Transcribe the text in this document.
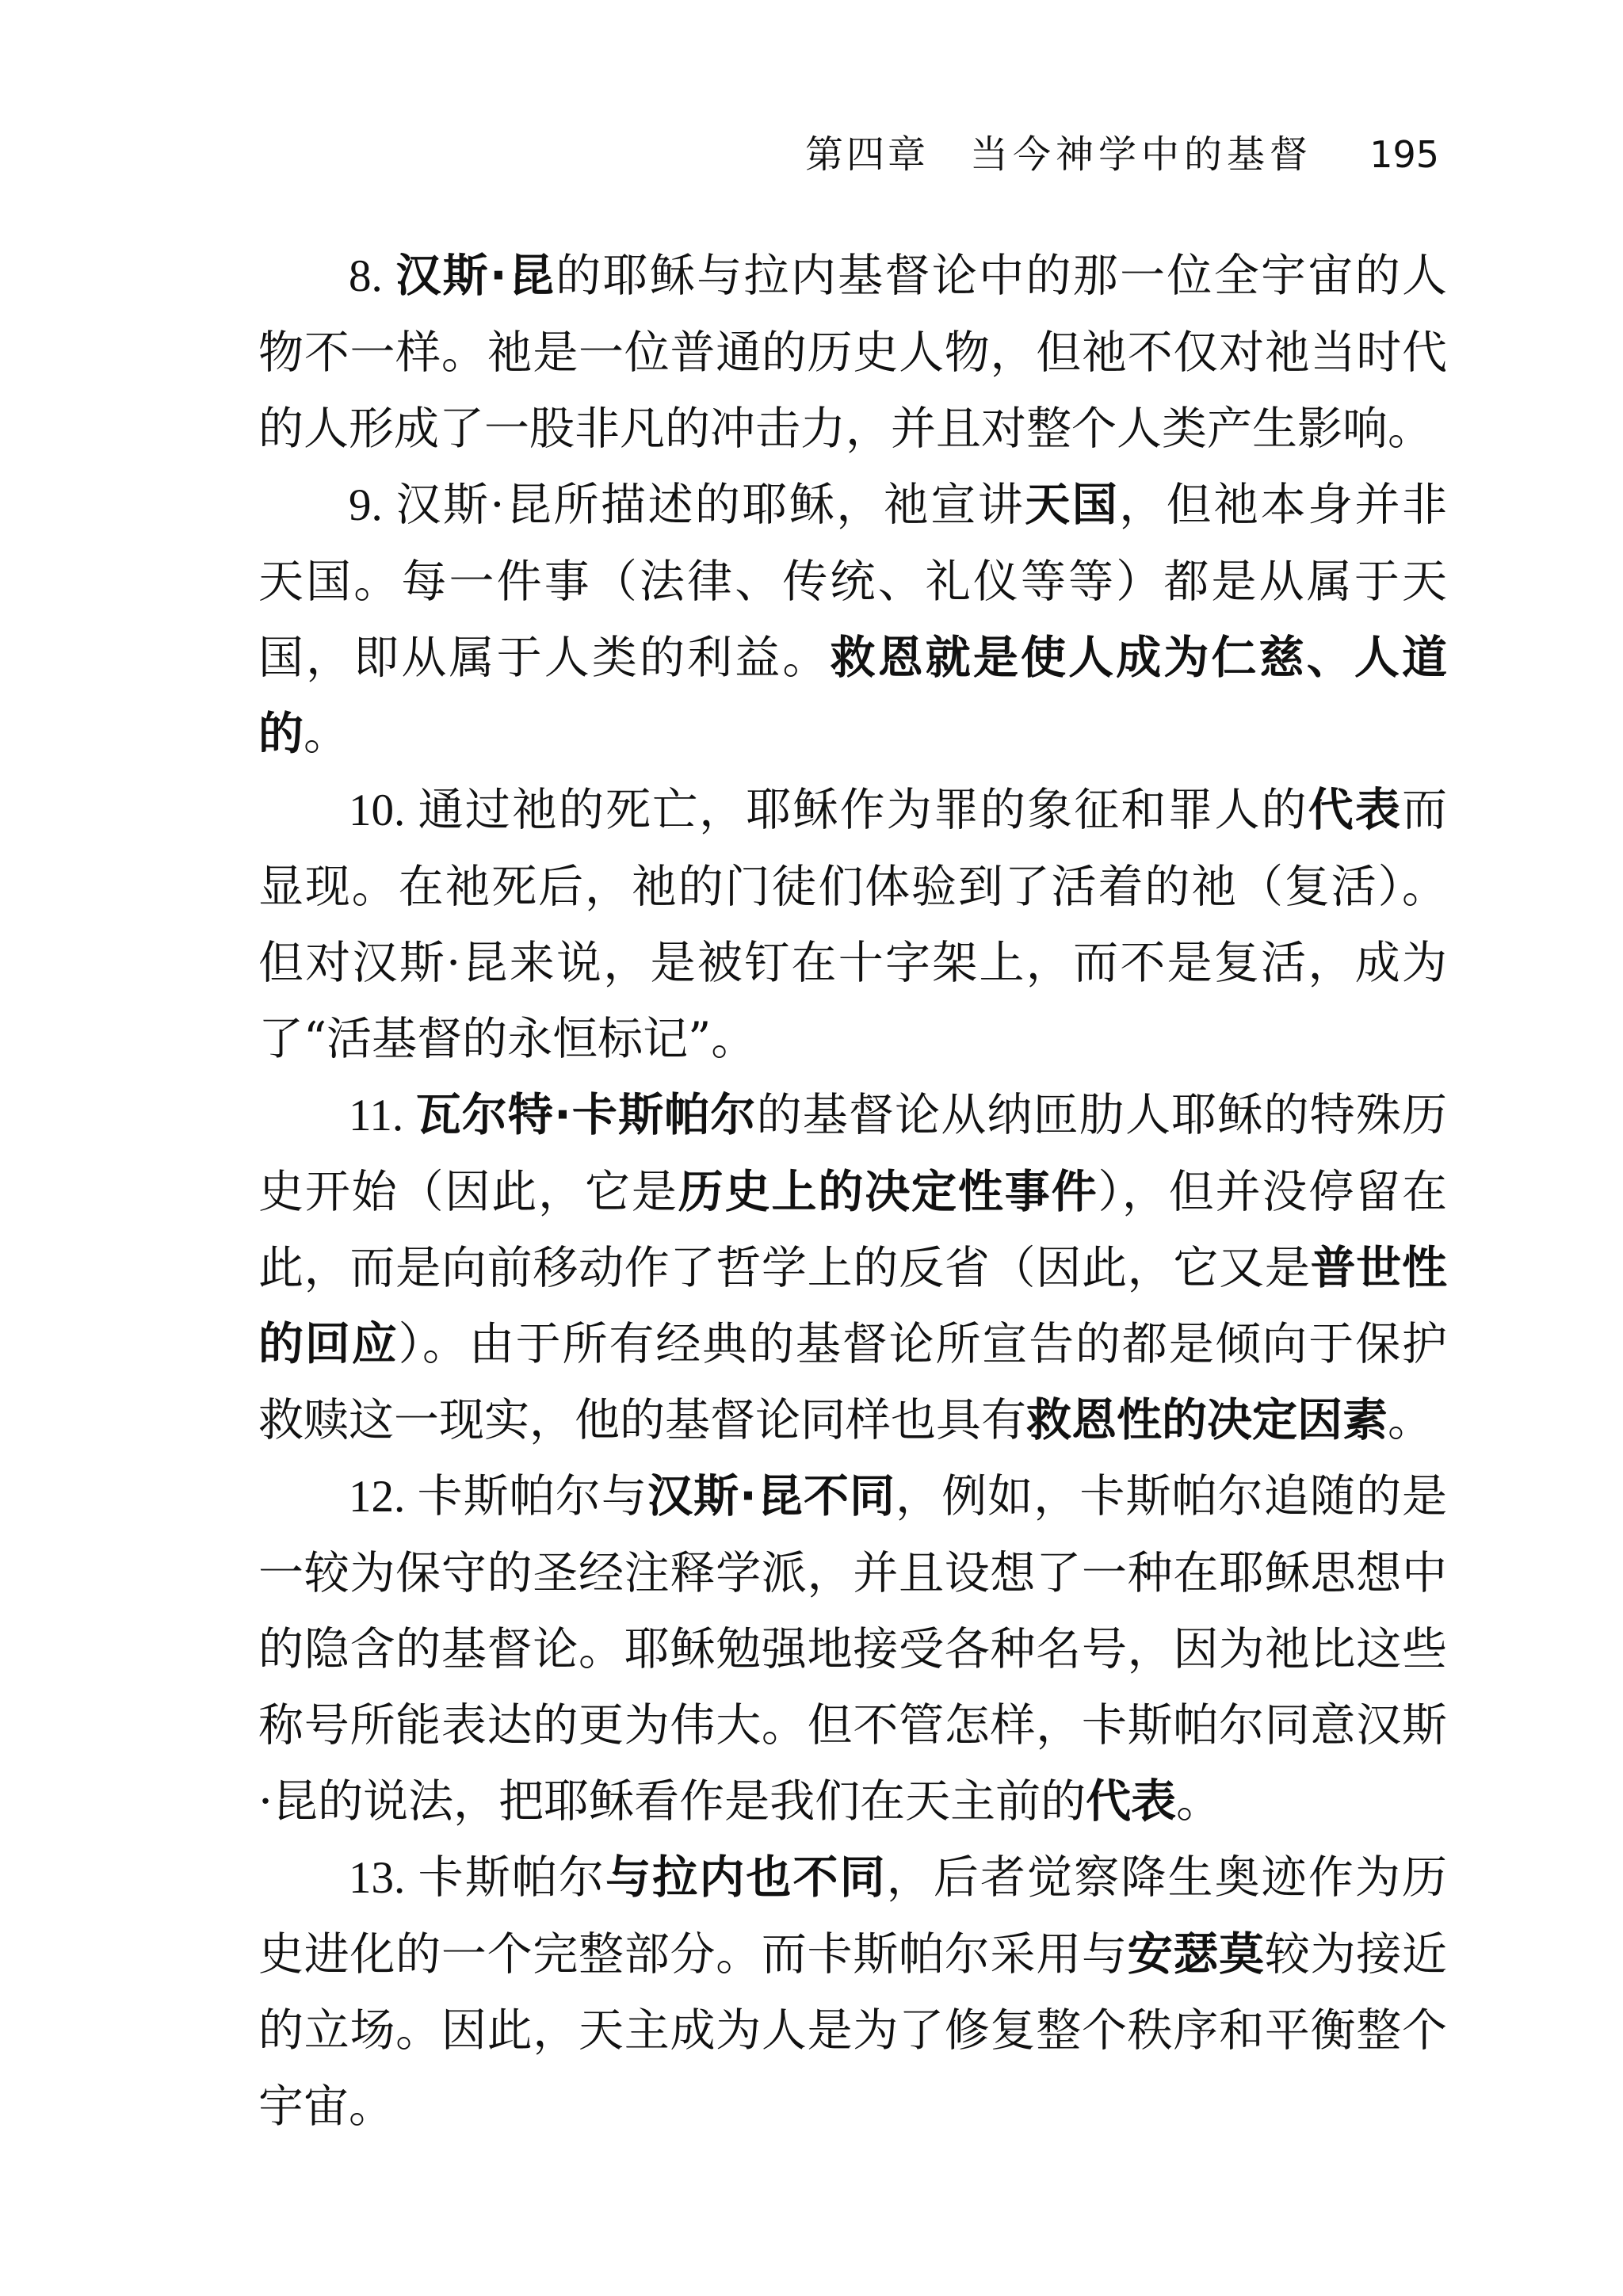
第四章 当今神学中的基督 195

8. 汉斯·昆的耶稣与拉内基督论中的那一位全宇宙的人物不一样。祂是一位普通的历史人物，但祂不仅对祂当时代的人形成了一股非凡的冲击力，并且对整个人类产生影响。

9. 汉斯·昆所描述的耶稣，祂宣讲天国，但祂本身并非天国。每一件事（法律、传统、礼仪等等）都是从属于天国，即从属于人类的利益。救恩就是使人成为仁慈、人道的。

10. 通过祂的死亡，耶稣作为罪的象征和罪人的代表而显现。在祂死后，祂的门徒们体验到了活着的祂（复活）。但对汉斯·昆来说，是被钉在十字架上，而不是复活，成为了“活基督的永恒标记”。

11. 瓦尔特·卡斯帕尔的基督论从纳匝肋人耶稣的特殊历史开始（因此，它是历史上的决定性事件），但并没停留在此，而是向前移动作了哲学上的反省（因此，它又是普世性的回应）。由于所有经典的基督论所宣告的都是倾向于保护救赎这一现实，他的基督论同样也具有救恩性的决定因素。

12. 卡斯帕尔与汉斯·昆不同，例如，卡斯帕尔追随的是一较为保守的圣经注释学派，并且设想了一种在耶稣思想中的隐含的基督论。耶稣勉强地接受各种名号，因为祂比这些称号所能表达的更为伟大。但不管怎样，卡斯帕尔同意汉斯·昆的说法，把耶稣看作是我们在天主前的代表。

13. 卡斯帕尔与拉内也不同，后者觉察降生奥迹作为历史进化的一个完整部分。而卡斯帕尔采用与安瑟莫较为接近的立场。因此，天主成为人是为了修复整个秩序和平衡整个宇宙。
